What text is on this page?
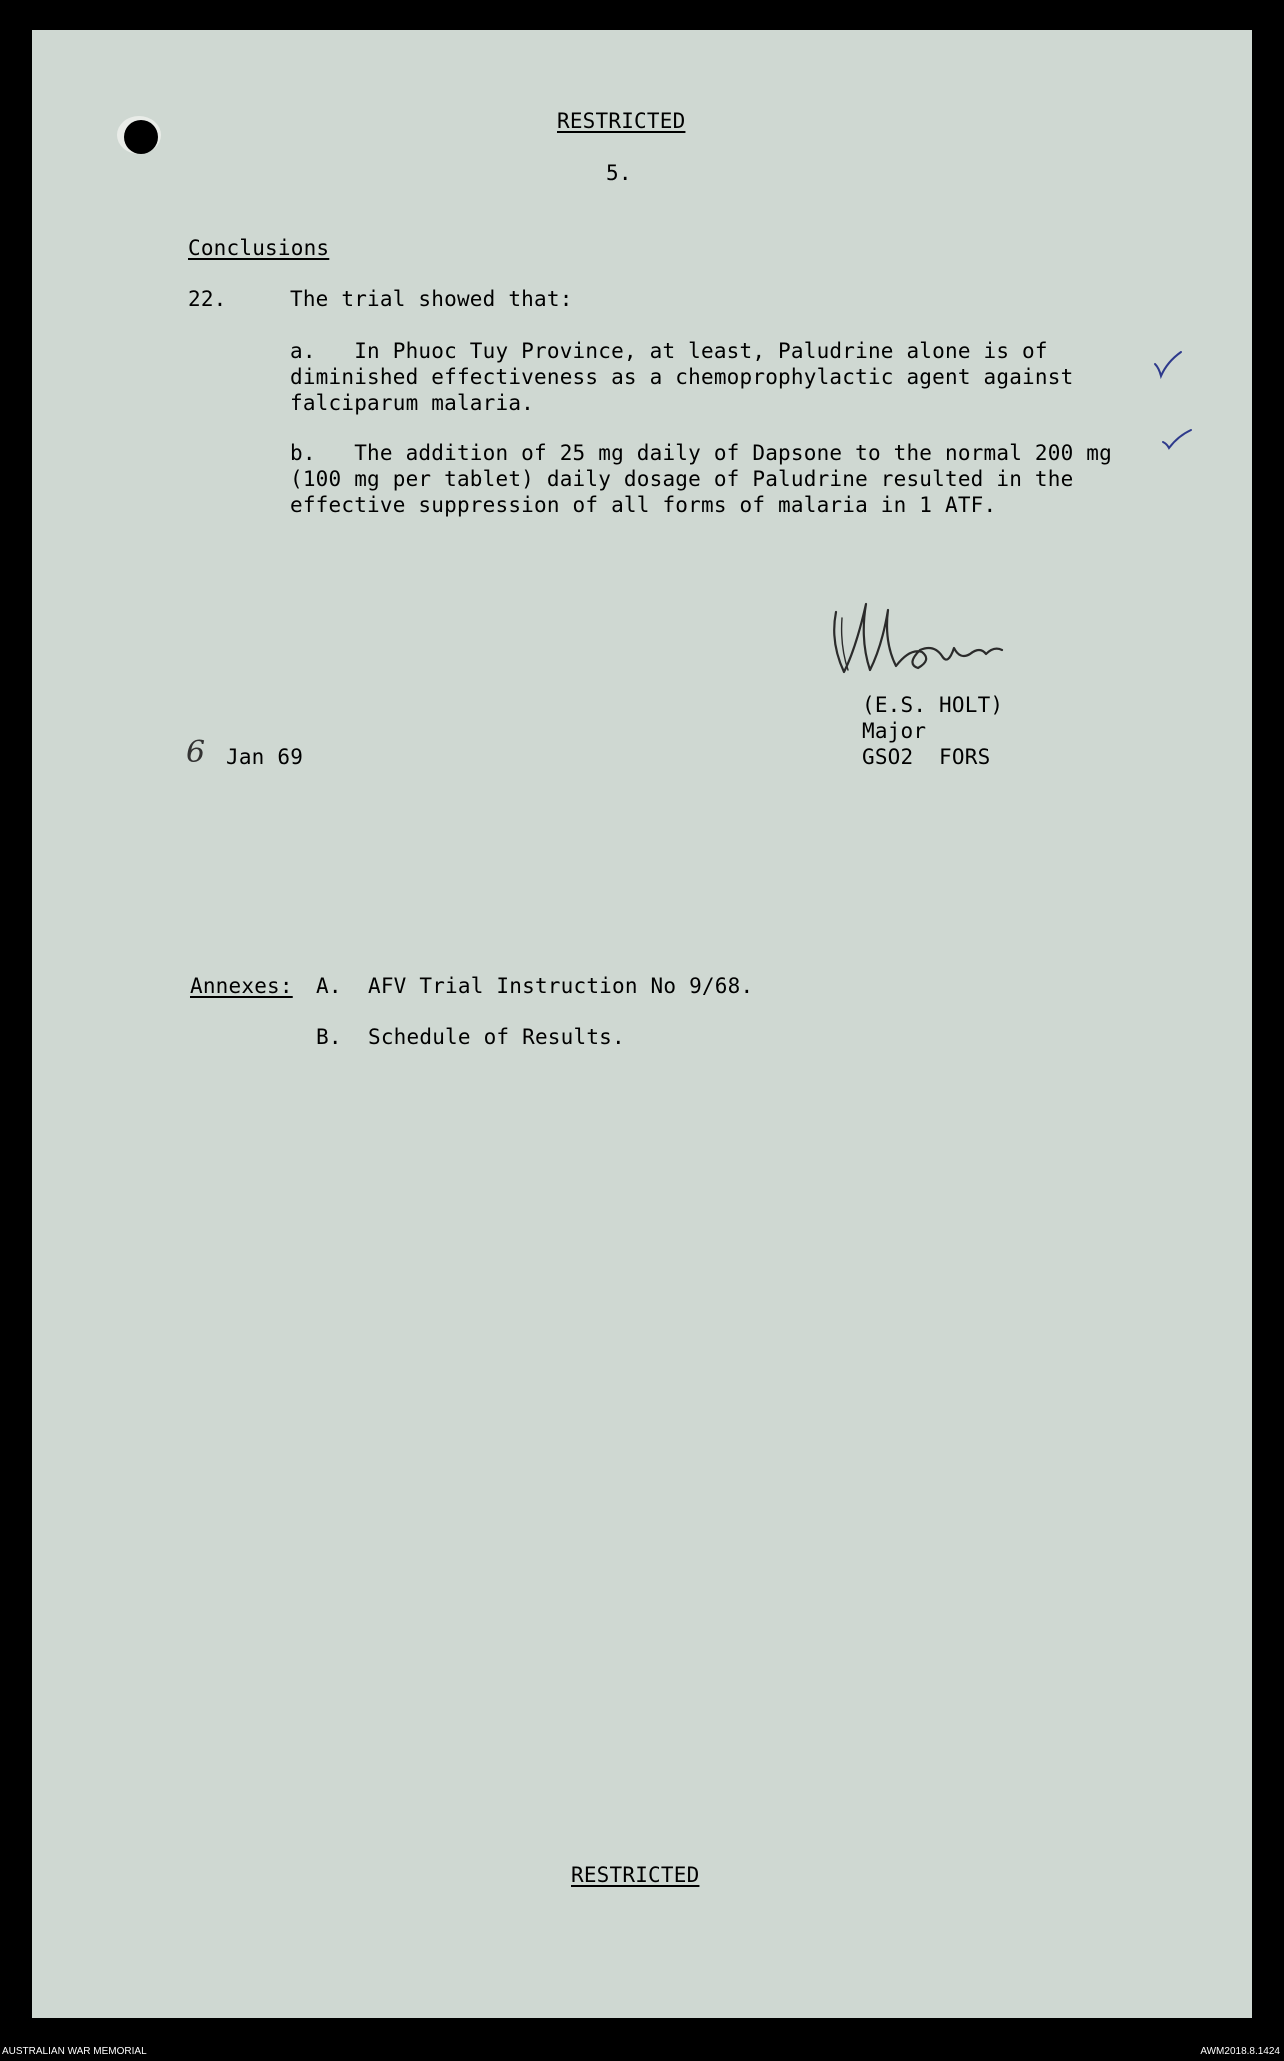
RESTRICTED
5.
Conclusions
22.	The trial showed that:
a.   In Phuoc Tuy Province, at least, Paludrine alone is of
diminished effectiveness as a chemoprophylactic agent against
falciparum malaria.
b.   The addition of 25 mg daily of Dapsone to the normal 200 mg
(100 mg per tablet) daily dosage of Paludrine resulted in the
effective suppression of all forms of malaria in 1 ATF.
(E.S. HOLT)
Major
GSO2  FORS
6 Jan 69
Annexes: A. AFV Trial Instruction No 9/68.
B. Schedule of Results.
RESTRICTED
AUSTRALIAN WAR MEMORIAL	AWM2018.8.1424
